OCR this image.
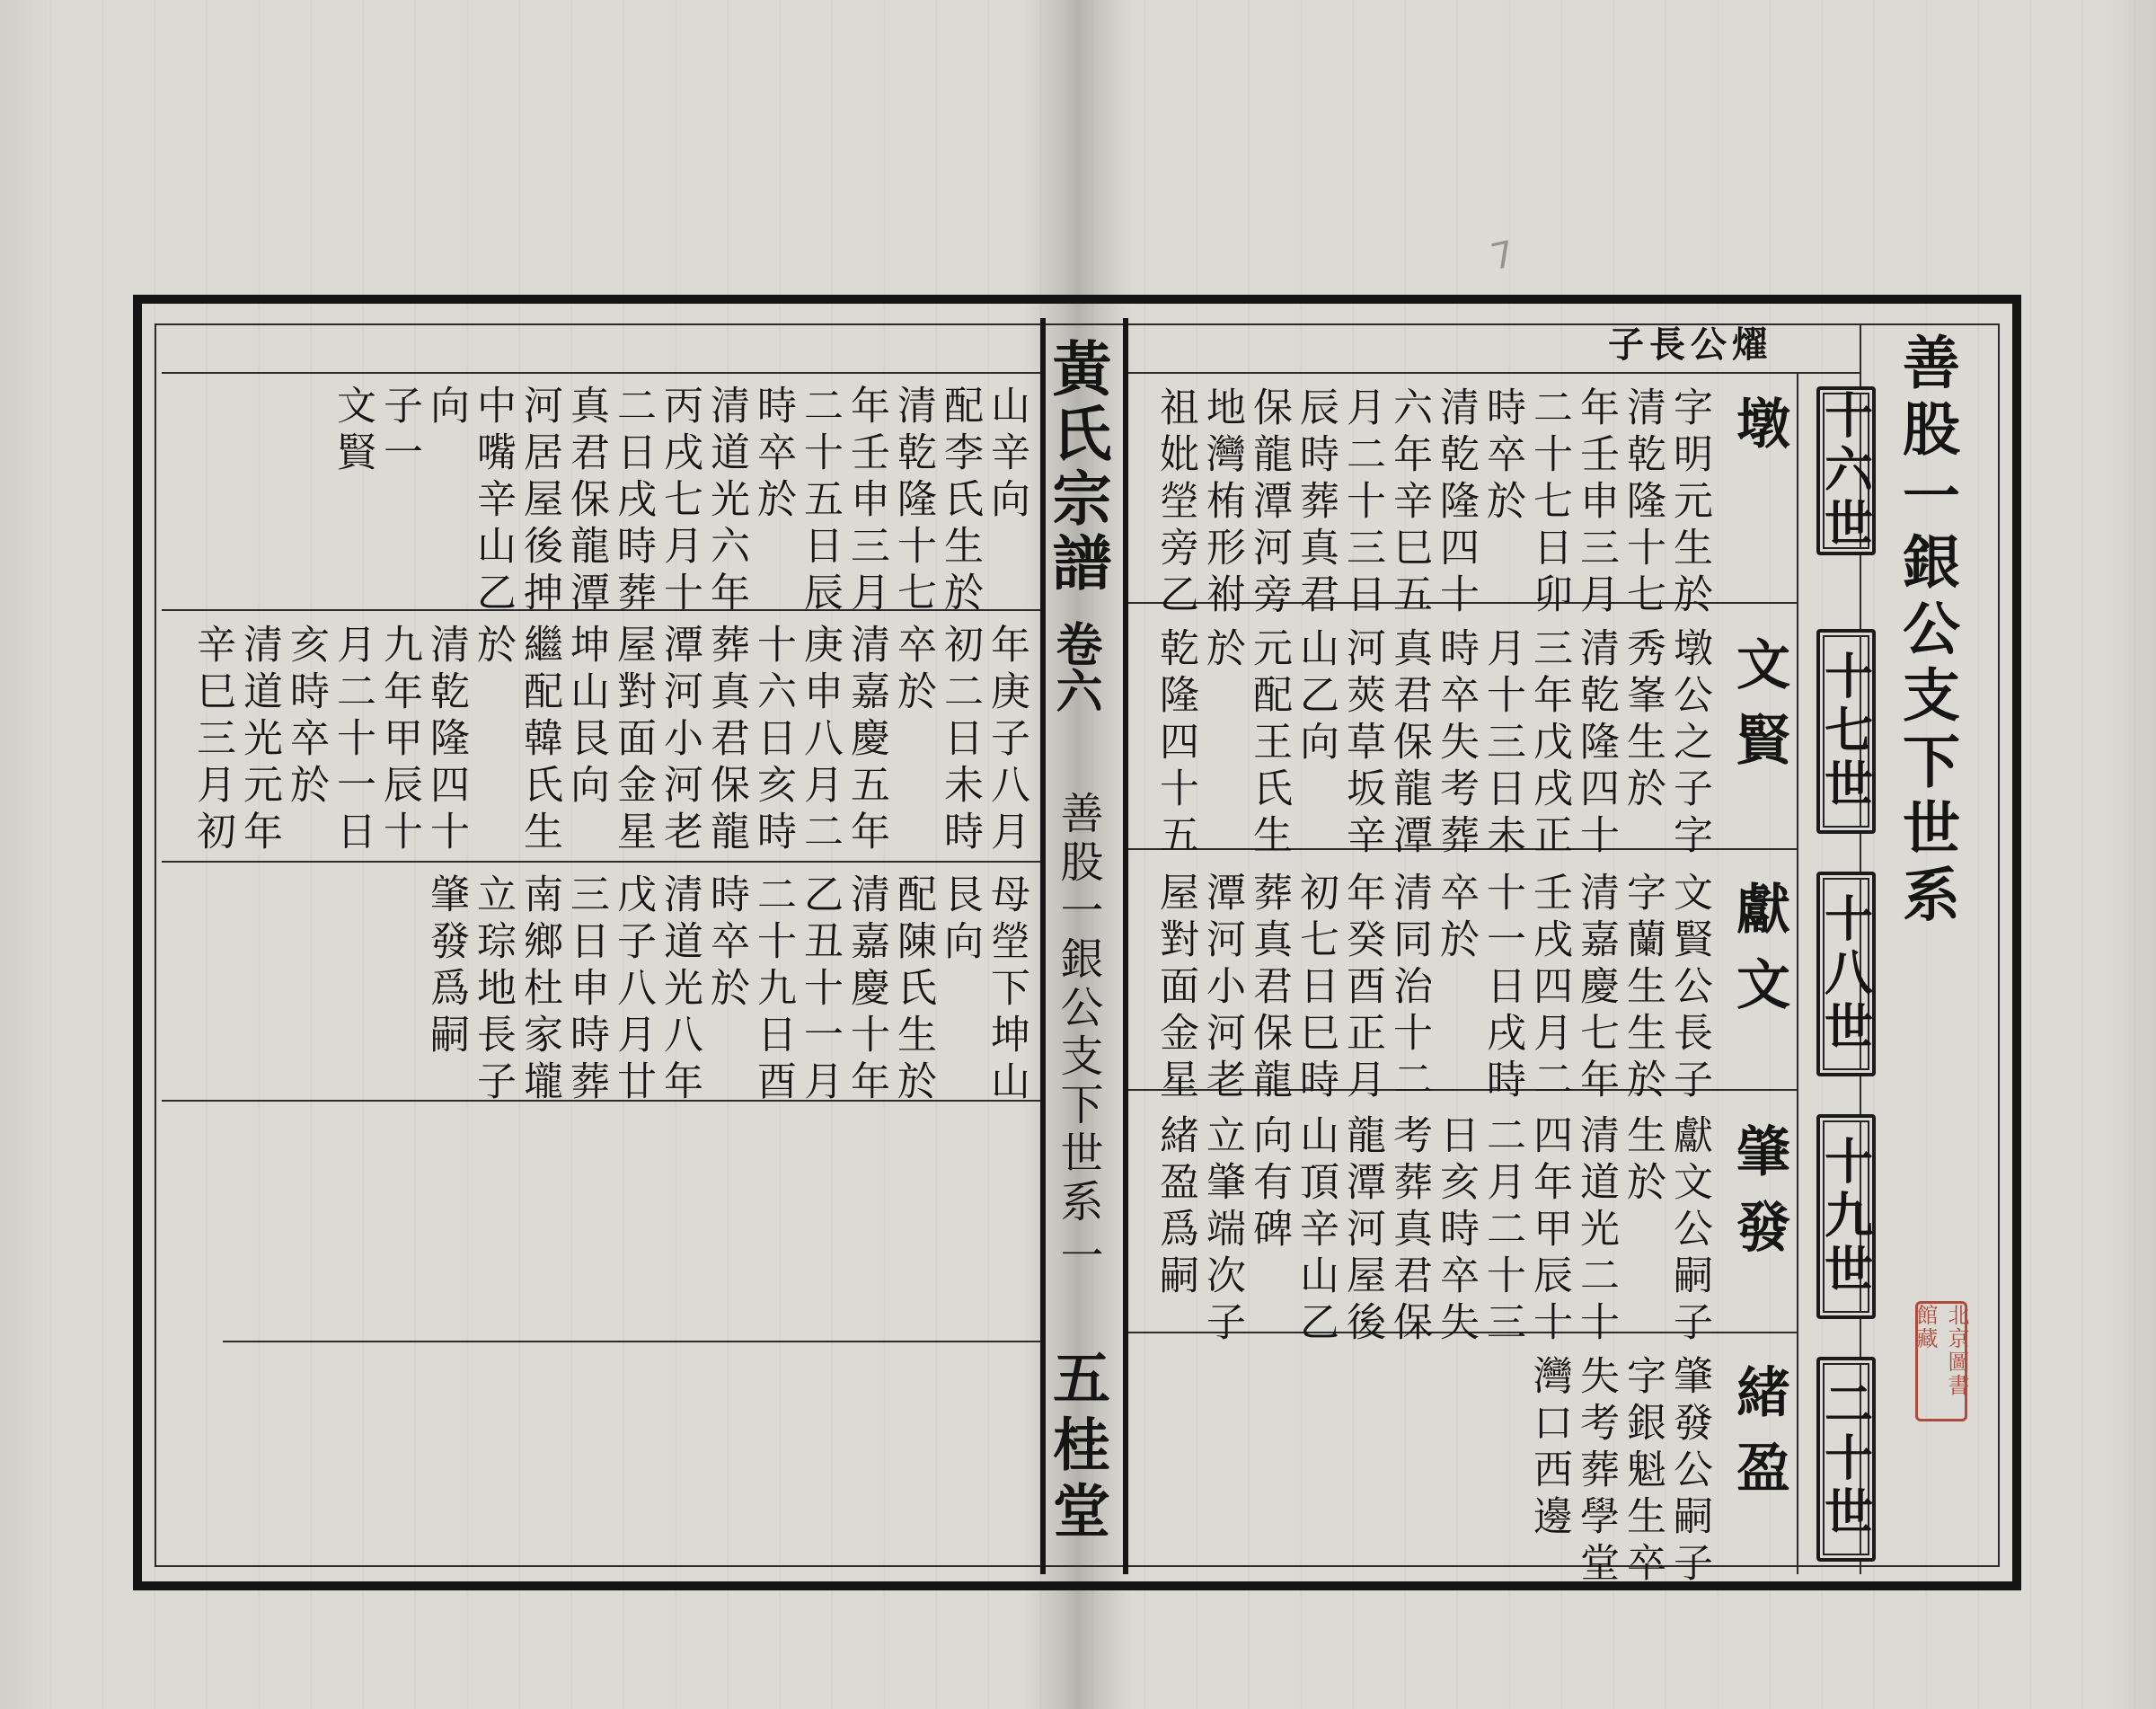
7
善股一銀公支下世系
十六世
十七世
十八世
十九世
二十世
北京圖書館藏
黃氏宗譜
卷六
善股一銀公支下世系
一
五桂堂
燿公長子
墩
字明元生於
清乾隆十七
年壬申三月
二十七日卯
時卒於
清乾隆四十
六年辛巳五
月二十三日
辰時葬真君
保龍潭河旁
地灣栯形祔
祖妣塋旁乙
文賢
墩公之子字
秀峯生於
清乾隆四十
三年戊戌正
月十三日未
時卒失考葬
真君保龍潭
河莢草坂辛
山乙向
元配王氏生
於
乾隆四十五
獻文
文賢公長子
字蘭生生於
清嘉慶七年
壬戌四月二
十一日戌時
卒於
清同治十二
年癸酉正月
初七日巳時
葬真君保龍
潭河小河老
屋對面金星
肇發
獻文公嗣子
生於
清道光二十
四年甲辰十
二月二十三
日亥時卒失
考葬真君保
龍潭河屋後
山頂辛山乙
向有碑
立肇端次子
緒盈爲嗣
緒盈
肇發公嗣子
字銀魁生卒
失考葬學堂
灣口西邊
山辛向
配李氏生於
清乾隆十七
年壬申三月
二十五日辰
時卒於
清道光六年
丙戌七月十
二日戌時葬
真君保龍潭
河居屋後抻
中嘴辛山乙
向
子一
文賢
年庚子八月
初二日未時
卒於
清嘉慶五年
庚申八月二
十六日亥時
葬真君保龍
潭河小河老
屋對面金星
坤山艮向
繼配韓氏生
於
清乾隆四十
九年甲辰十
月二十一日
亥時卒於
清道光元年
辛巳三月初
母塋下坤山
艮向
配陳氏生於
清嘉慶十年
乙丑十一月
二十九日酉
時卒於
清道光八年
戊子八月廿
三日申時葬
南鄉杜家壠
立琮地長子
肇發爲嗣
